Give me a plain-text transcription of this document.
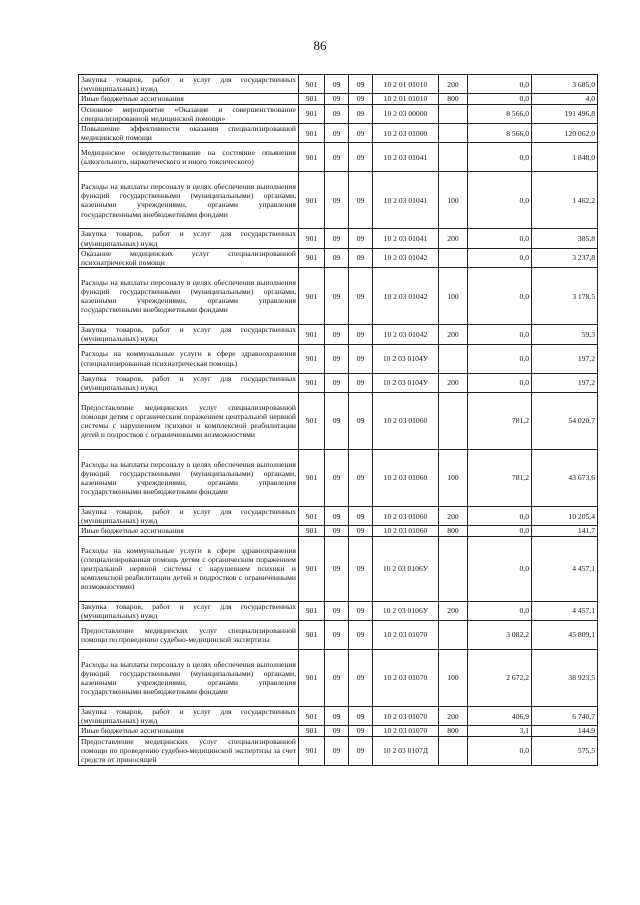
86
Закупка товаров, работ и услуг для государственных (муниципальных) нужд	901	09	09	10 2 01 01010	200	0,0	3 685,0
Иные бюджетные ассигнования	901	09	09	10 2 01 01010	800	0,0	4,0
Основное мероприятие «Оказание и совершенствование специализированной медицинской помощи»	901	09	09	10 2 03 00000		8 566,0	191 496,8
Повышение эффективности оказания специализированной медицинской помощи	901	09	09	10 2 03 01000		8 566,0	120 062,0
Медицинское освидетельствование на состояние опьянения (алкогольного, наркотического и иного токсического)	901	09	09	10 2 03 01041		0,0	1 848,0
Расходы на выплаты персоналу в целях обеспечения выполнения функций государственными (муниципальными) органами, казенными учреждениями, органами управления государственными внебюджетными фондами	901	09	09	10 2 03 01041	100	0,0	1 462,2
Закупка товаров, работ и услуг для государственных (муниципальных) нужд	901	09	09	10 2 03 01041	200	0,0	385,8
Оказание медицинских услуг специализированной психиатрической помощи	901	09	09	10 2 03 01042		0,0	3 237,8
Расходы на выплаты персоналу в целях обеспечения выполнения функций государственными (муниципальными) органами, казенными учреждениями, органами управления государственными внебюджетными фондами	901	09	09	10 2 03 01042	100	0,0	3 178,5
Закупка товаров, работ и услуг для государственных (муниципальных) нужд	901	09	09	10 2 03 01042	200	0,0	59,3
Расходы на коммунальные услуги в сфере здравоохранения (специализированная психиатрическая помощь)	901	09	09	10 2 03 0104У		0,0	197,2
Закупка товаров, работ и услуг для государственных (муниципальных) нужд	901	09	09	10 2 03 0104У	200	0,0	197,2
Предоставление медицинских услуг специализированной помощи детям с органическим поражением центральной нервной системы с нарушением психики и комплексной реабилитации детей и подростков с ограниченными возможностями	901	09	09	10 2 03 01060		781,2	54 020,7
Расходы на выплаты персоналу в целях обеспечения выполнения функций государственными (муниципальными) органами, казенными учреждениями, органами управления государственными внебюджетными фондами	901	09	09	10 2 03 01060	100	781,2	43 673,6
Закупка товаров, работ и услуг для государственных (муниципальных) нужд	901	09	09	10 2 03 01060	200	0,0	10 205,4
Иные бюджетные ассигнования	901	09	09	10 2 03 01060	800	0,0	141,7
Расходы на коммунальные услуги в сфере здравоохранения (специализированная помощь детям с органическим поражением центральной нервной системы с нарушением психики и комплексной реабилитации детей и подростков с ограниченными возможностями)	901	09	09	10 2 03 0106У		0,0	4 457,1
Закупка товаров, работ и услуг для государственных (муниципальных) нужд	901	09	09	10 2 03 0106У	200	0,0	4 457,1
Предоставление медицинских услуг специализированной помощи по проведению судебно-медицинской экспертизы	901	09	09	10 2 03 01070		3 082,2	45 809,1
Расходы на выплаты персоналу в целях обеспечения выполнения функций государственными (муниципальными) органами, казенными учреждениями, органами управления государственными внебюджетными фондами	901	09	09	10 2 03 01070	100	2 672,2	38 923,5
Закупка товаров, работ и услуг для государственных (муниципальных) нужд	901	09	09	10 2 03 01070	200	406,9	6 740,7
Иные бюджетные ассигнования	901	09	09	10 2 03 01070	800	3,1	144,9
Предоставление медицинских услуг специализированной помощи по проведению судебно-медицинской экспертизы за счет средств от приносящей	901	09	09	10 2 03 0107Д		0,0	575,5
